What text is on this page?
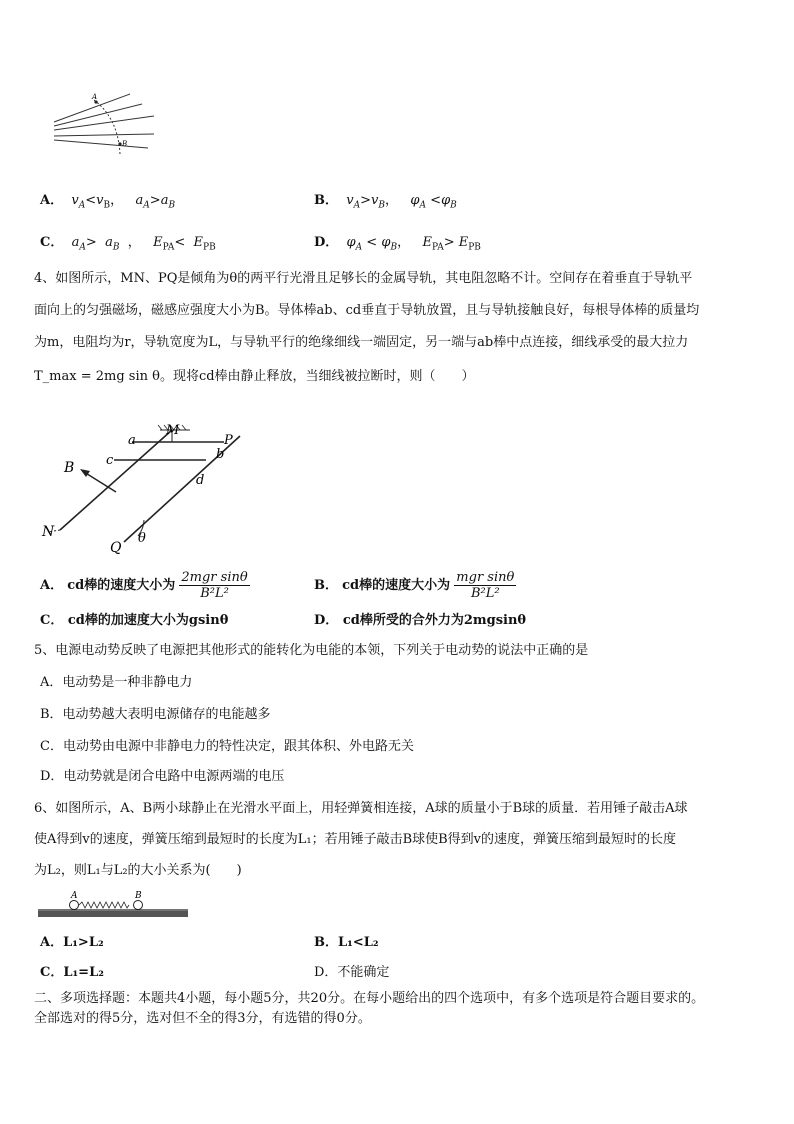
A
B
A． $v_A<v_B$，   $a_A>a_B$	B． $v_A>v_B$，   $\varphi_A <\varphi_B$
C． $a_A> a_B$  ，   $E_{PA}< E_{PB}$	D． $\varphi_A < \varphi_B$，   $E_{PA}> E_{PB}$
4、如图所示，MN、PQ是倾角为θ的两平行光滑且足够长的金属导轨，其电阻忽略不计。空间存在着垂直于导轨平
面向上的匀强磁场，磁感应强度大小为B。导体棒ab、cd垂直于导轨放置，且与导轨接触良好，每根导体棒的质量均
为m，电阻均为r，导轨宽度为L，与导轨平行的绝缘细线一端固定，另一端与ab棒中点连接，细线承受的最大拉力
T_max = 2mg sin θ。现将cd棒由静止释放，当细线被拉断时，则（　　）
M
P
a
b
c
d
B
N
Q
θ
A． cd棒的速度大小为 $\frac{\text{2mgr sinθ}}{\text{B²L²}}$	B． cd棒的速度大小为 $\frac{\text{mgr sinθ}}{\text{B²L²}}$
C． cd棒的加速度大小为gsinθ	D． cd棒所受的合外力为2mgsinθ
5、电源电动势反映了电源把其他形式的能转化为电能的本领，下列关于电动势的说法中正确的是
A．电动势是一种非静电力
B．电动势越大表明电源储存的电能越多
C．电动势由电源中非静电力的特性决定，跟其体积、外电路无关
D．电动势就是闭合电路中电源两端的电压
6、如图所示，A、B两小球静止在光滑水平面上，用轻弹簧相连接，A球的质量小于B球的质量．若用锤子敲击A球
使A得到v的速度，弹簧压缩到最短时的长度为L₁；若用锤子敲击B球使B得到v的速度，弹簧压缩到最短时的长度
为L₂，则L₁与L₂的大小关系为(　　)
A	B
A．L₁>L₂	B．L₁<L₂
C．L₁=L₂	D．不能确定
二、多项选择题：本题共4小题，每小题5分，共20分。在每小题给出的四个选项中，有多个选项是符合题目要求的。
全部选对的得5分，选对但不全的得3分，有选错的得0分。
